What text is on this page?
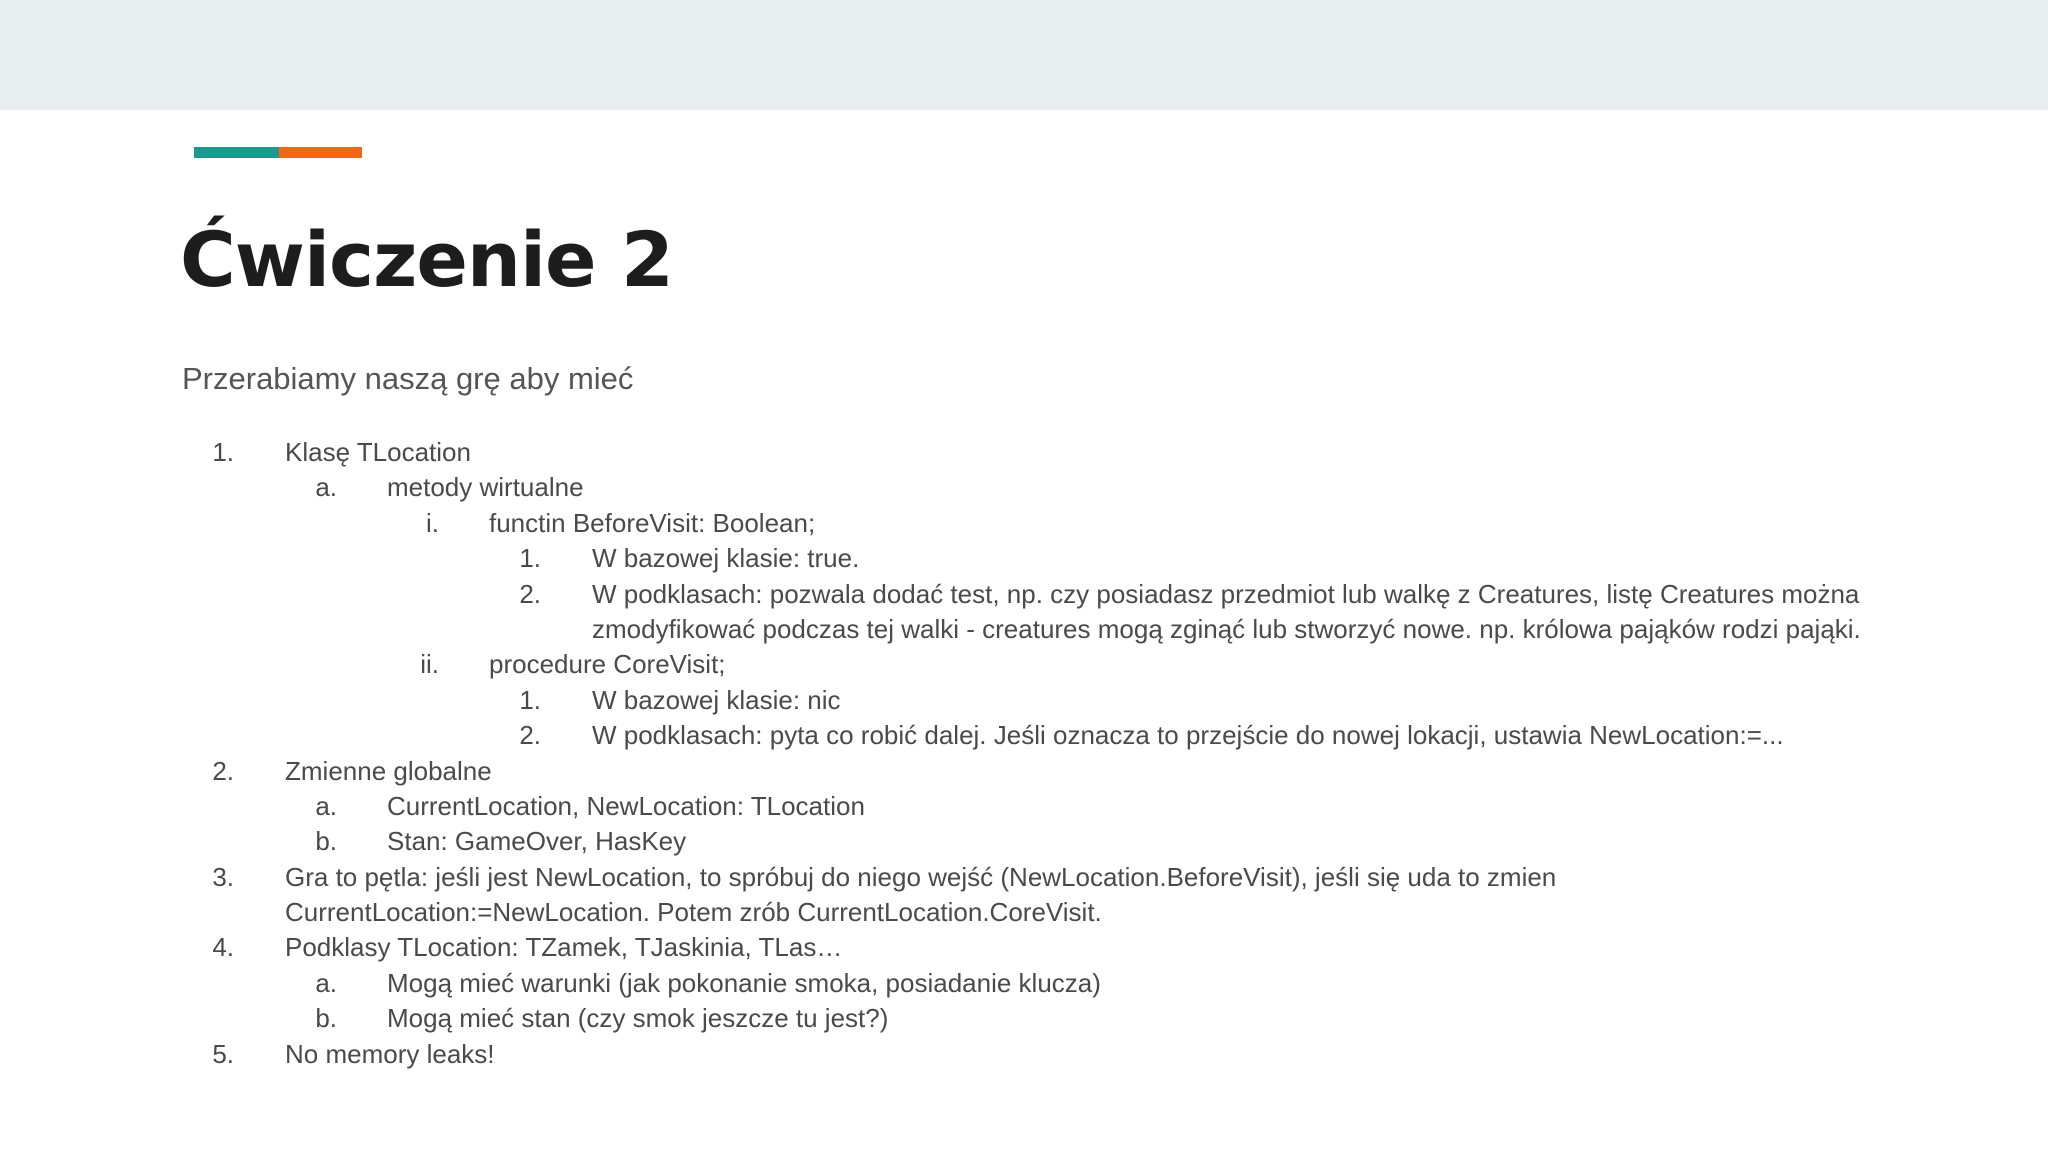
Ćwiczenie 2
Przerabiamy naszą grę aby mieć
1. Klasę TLocation
a. metody wirtualne
i. functin BeforeVisit: Boolean;
1. W bazowej klasie: true.
2. W podklasach: pozwala dodać test, np. czy posiadasz przedmiot lub walkę z Creatures, listę Creatures można
zmodyfikować podczas tej walki - creatures mogą zginąć lub stworzyć nowe. np. królowa pająków rodzi pająki.
ii. procedure CoreVisit;
1. W bazowej klasie: nic
2. W podklasach: pyta co robić dalej. Jeśli oznacza to przejście do nowej lokacji, ustawia NewLocation:=...
2. Zmienne globalne
a. CurrentLocation, NewLocation: TLocation
b. Stan: GameOver, HasKey
3. Gra to pętla: jeśli jest NewLocation, to spróbuj do niego wejść (NewLocation.BeforeVisit), jeśli się uda to zmien
CurrentLocation:=NewLocation. Potem zrób CurrentLocation.CoreVisit.
4. Podklasy TLocation: TZamek, TJaskinia, TLas…
a. Mogą mieć warunki (jak pokonanie smoka, posiadanie klucza)
b. Mogą mieć stan (czy smok jeszcze tu jest?)
5. No memory leaks!
